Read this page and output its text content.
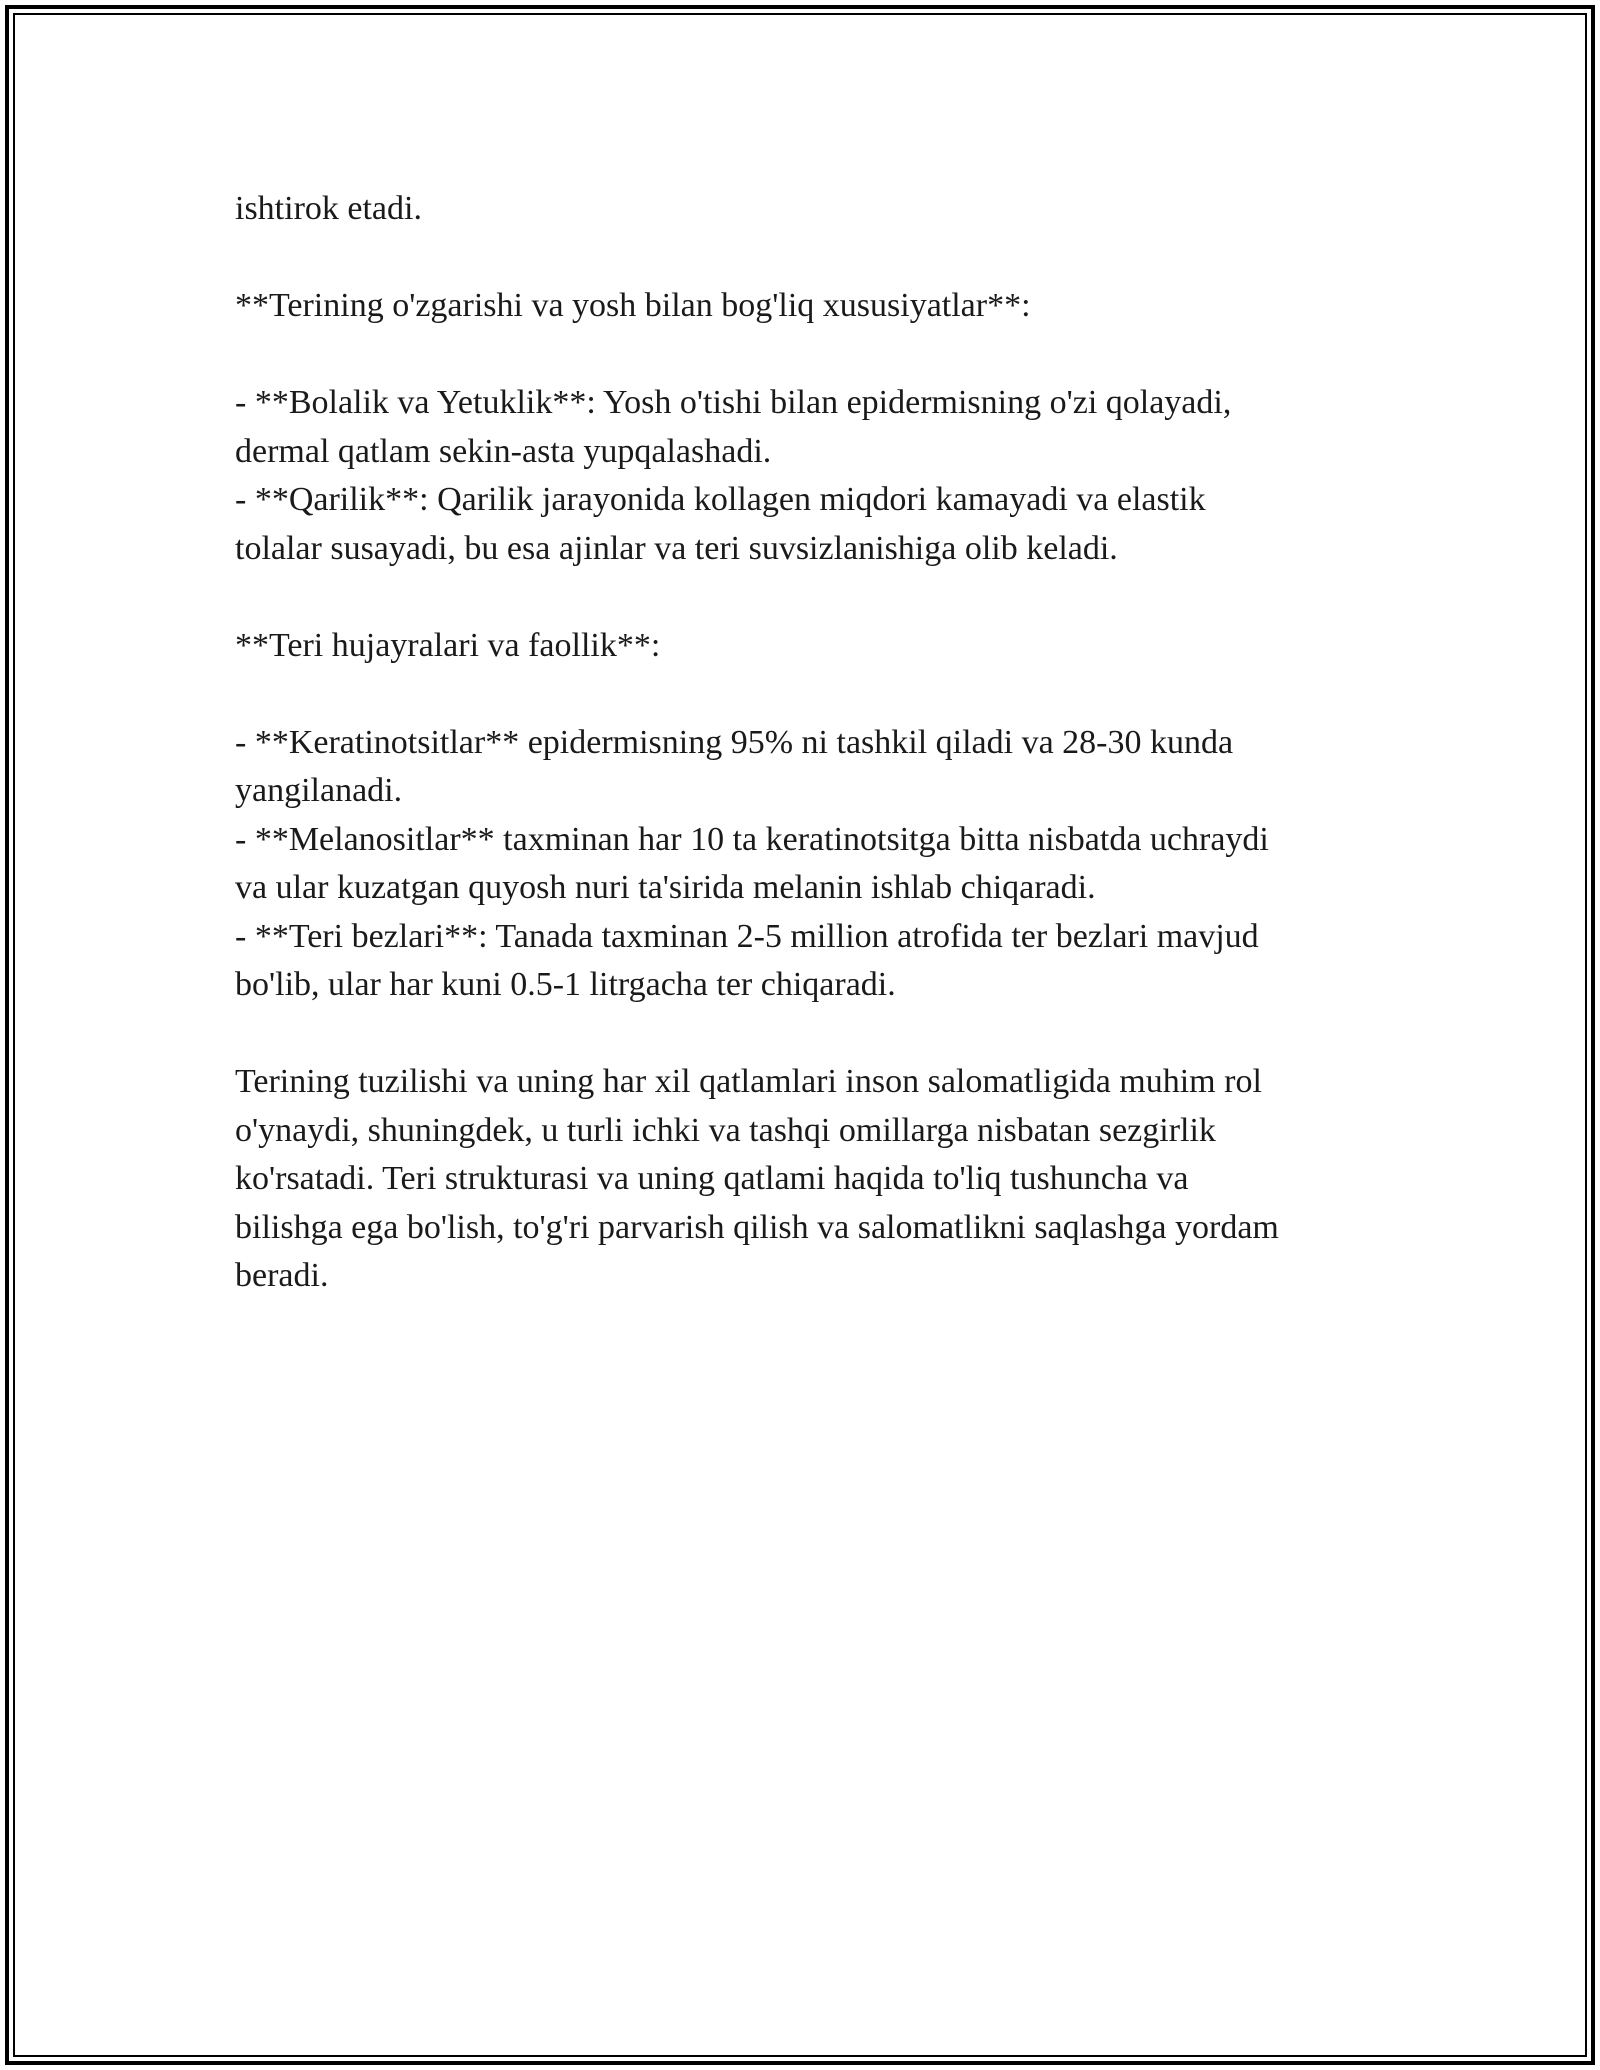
ishtirok etadi.
**Terining o'zgarishi va yosh bilan bog'liq xususiyatlar**:
- **Bolalik va Yetuklik**: Yosh o'tishi bilan epidermisning o'zi qolayadi,
dermal qatlam sekin-asta yupqalashadi.
- **Qarilik**: Qarilik jarayonida kollagen miqdori kamayadi va elastik
tolalar susayadi, bu esa ajinlar va teri suvsizlanishiga olib keladi.
**Teri hujayralari va faollik**:
- **Keratinotsitlar** epidermisning 95% ni tashkil qiladi va 28-30 kunda
yangilanadi.
- **Melanositlar** taxminan har 10 ta keratinotsitga bitta nisbatda uchraydi
va ular kuzatgan quyosh nuri ta'sirida melanin ishlab chiqaradi.
- **Teri bezlari**: Tanada taxminan 2-5 million atrofida ter bezlari mavjud
bo'lib, ular har kuni 0.5-1 litrgacha ter chiqaradi.
Terining tuzilishi va uning har xil qatlamlari inson salomatligida muhim rol
o'ynaydi, shuningdek, u turli ichki va tashqi omillarga nisbatan sezgirlik
ko'rsatadi. Teri strukturasi va uning qatlami haqida to'liq tushuncha va
bilishga ega bo'lish, to'g'ri parvarish qilish va salomatlikni saqlashga yordam
beradi.
